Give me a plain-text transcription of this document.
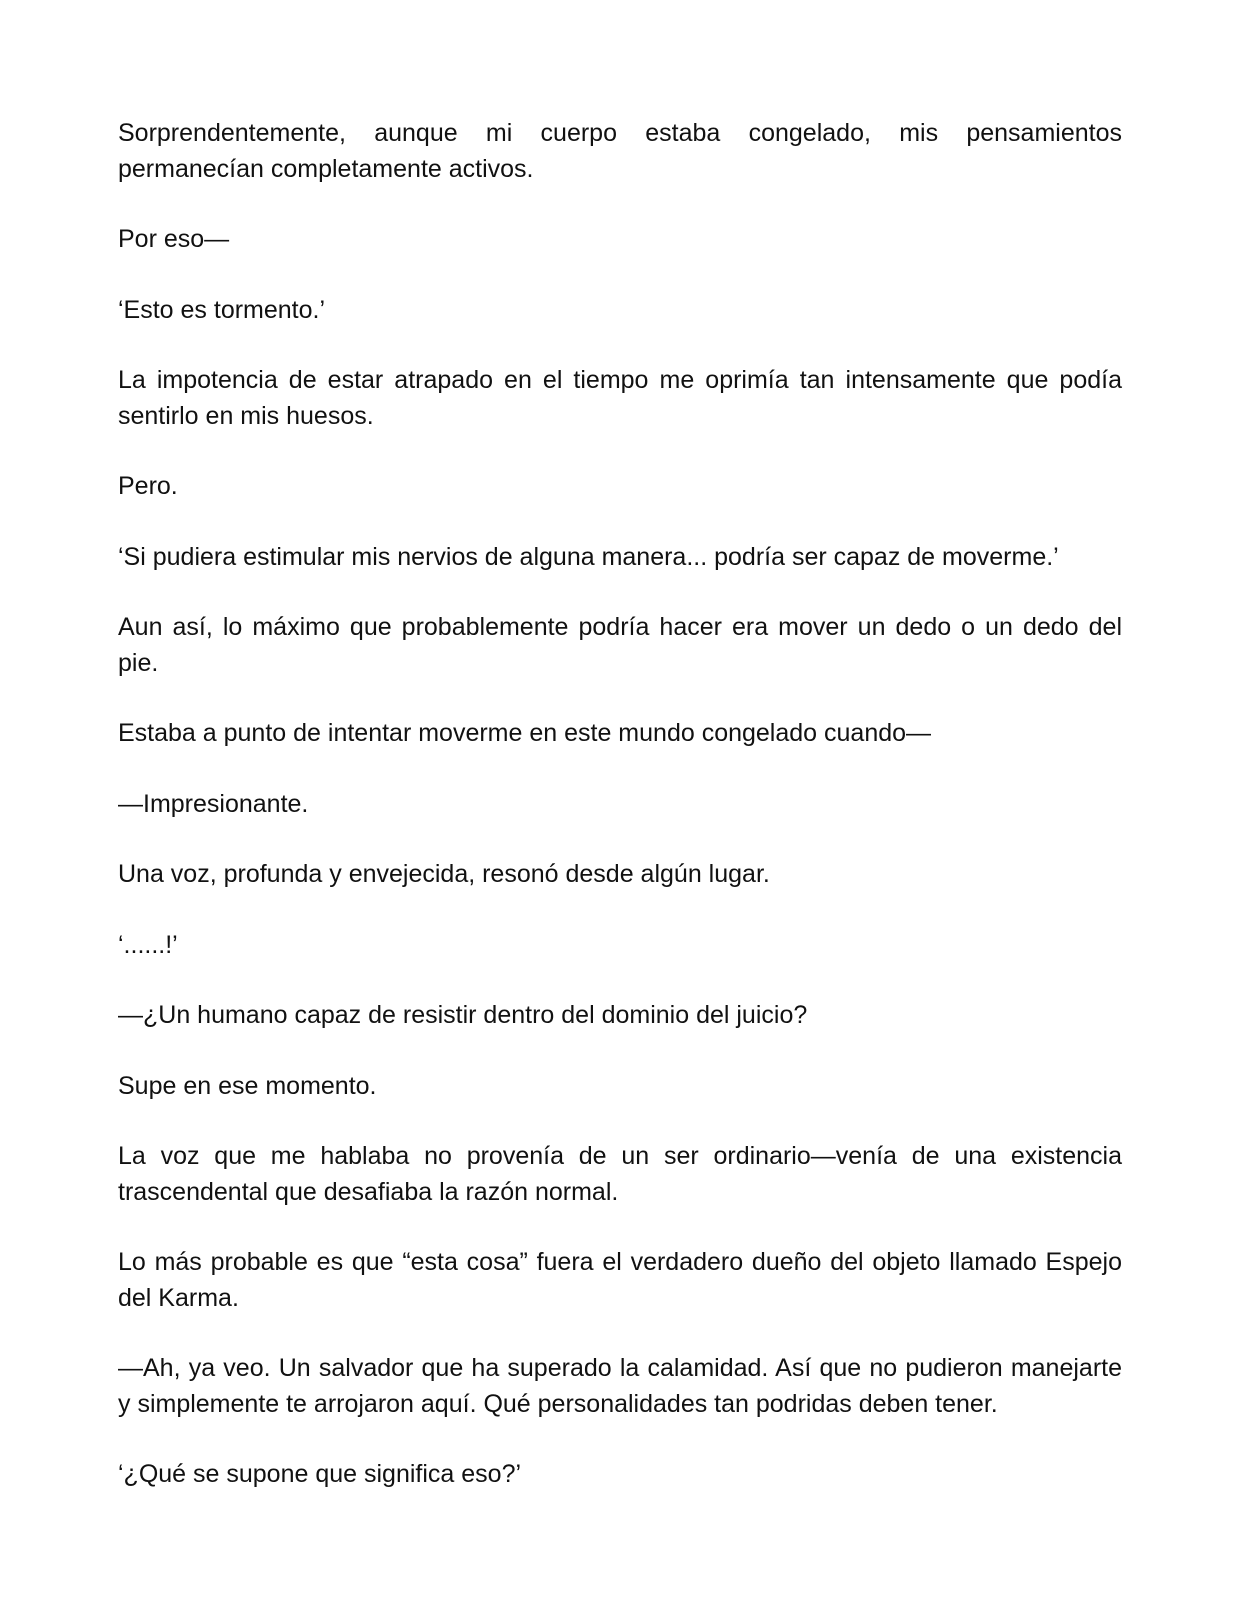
Sorprendentemente, aunque mi cuerpo estaba congelado, mis pensamientos permanecían completamente activos.

Por eso—

‘Esto es tormento.’

La impotencia de estar atrapado en el tiempo me oprimía tan intensamente que podía sentirlo en mis huesos.

Pero.

‘Si pudiera estimular mis nervios de alguna manera... podría ser capaz de moverme.’

Aun así, lo máximo que probablemente podría hacer era mover un dedo o un dedo del pie.

Estaba a punto de intentar moverme en este mundo congelado cuando—

—Impresionante.

Una voz, profunda y envejecida, resonó desde algún lugar.

‘......!’

—¿Un humano capaz de resistir dentro del dominio del juicio?

Supe en ese momento.

La voz que me hablaba no provenía de un ser ordinario—venía de una existencia trascendental que desafiaba la razón normal.

Lo más probable es que “esta cosa” fuera el verdadero dueño del objeto llamado Espejo del Karma.

—Ah, ya veo. Un salvador que ha superado la calamidad. Así que no pudieron manejarte y simplemente te arrojaron aquí. Qué personalidades tan podridas deben tener.

‘¿Qué se supone que significa eso?’
